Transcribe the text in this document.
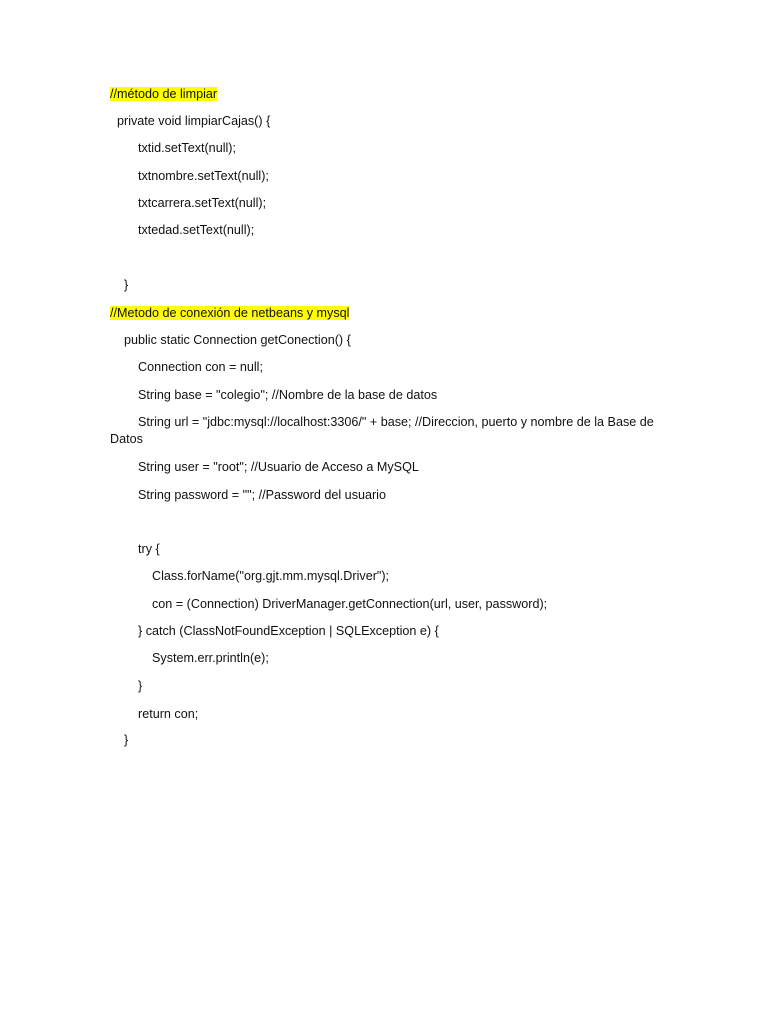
//método de limpiar
private void limpiarCajas() {
txtid.setText(null);
txtnombre.setText(null);
txtcarrera.setText(null);
txtedad.setText(null);
}
//Metodo de conexión de netbeans y mysql
public static Connection getConection() {
Connection con = null;
String base = "colegio"; //Nombre de la base de datos
String url = "jdbc:mysql://localhost:3306/" + base; //Direccion, puerto y nombre de la Base de Datos
String user = "root"; //Usuario de Acceso a MySQL
String password = ""; //Password del usuario
try {
Class.forName("org.gjt.mm.mysql.Driver");
con = (Connection) DriverManager.getConnection(url, user, password);
} catch (ClassNotFoundException | SQLException e) {
System.err.println(e);
}
return con;
}
